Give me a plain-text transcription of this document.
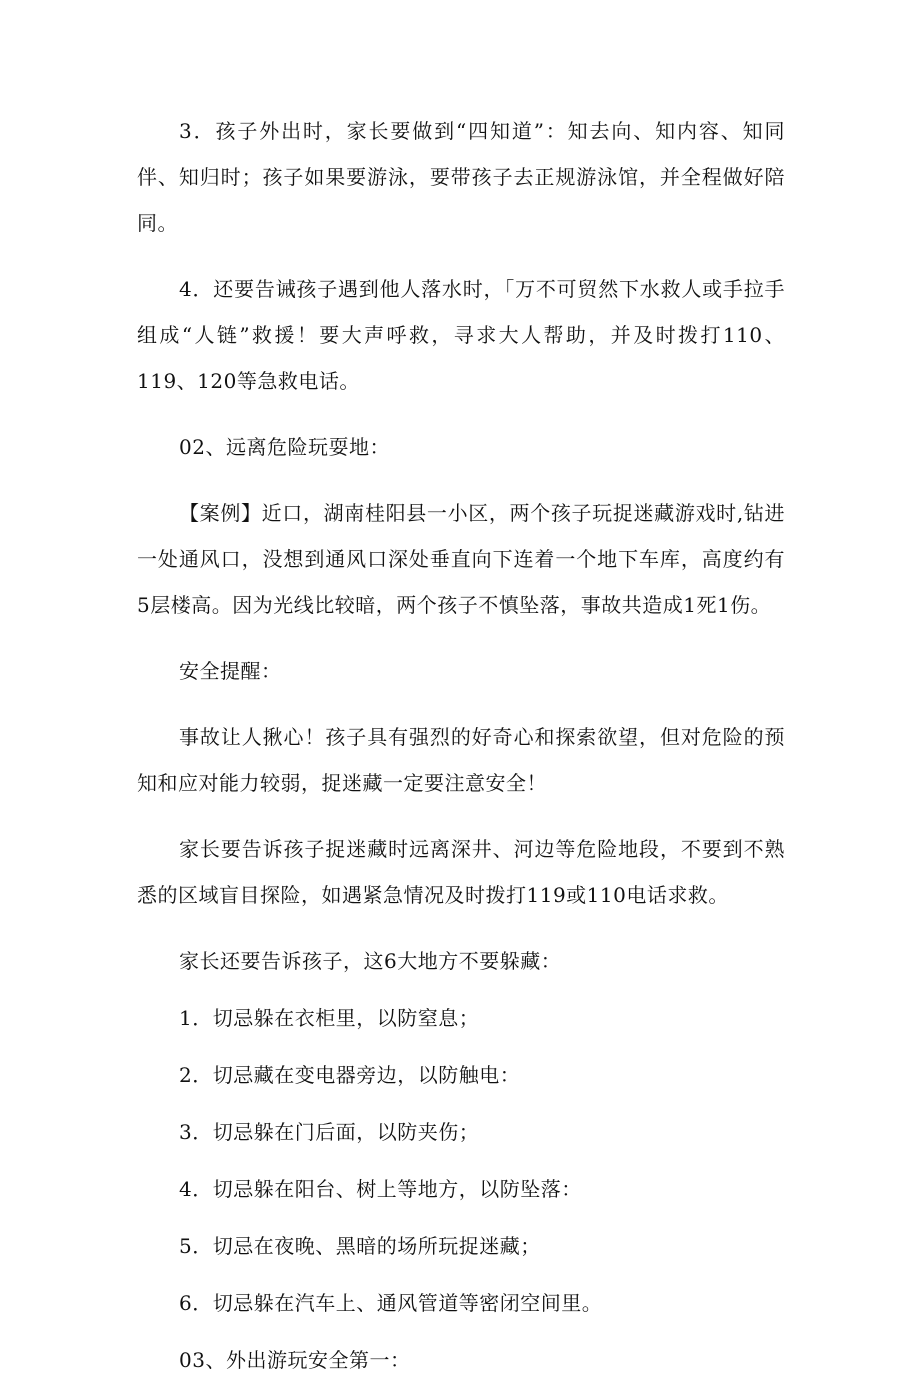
3．孩子外出时，家长要做到“四知道”：知去向、知内容、知同伴、知归时；孩子如果要游泳，要带孩子去正规游泳馆，并全程做好陪同。

4．还要告诫孩子遇到他人落水时，「万不可贸然下水救人或手拉手组成“人链”救援！要大声呼救，寻求大人帮助，并及时拨打110、119、120等急救电话。

02、远离危险玩耍地：

【案例】近口，湖南桂阳县一小区，两个孩子玩捉迷藏游戏时,钻进一处通风口，没想到通风口深处垂直向下连着一个地下车库，高度约有5层楼高。因为光线比较暗，两个孩子不慎坠落，事故共造成1死1伤。

安全提醒：

事故让人揪心！孩子具有强烈的好奇心和探索欲望，但对危险的预知和应对能力较弱，捉迷藏一定要注意安全！

家长要告诉孩子捉迷藏时远离深井、河边等危险地段，不要到不熟悉的区域盲目探险，如遇紧急情况及时拨打119或110电话求救。

家长还要告诉孩子，这6大地方不要躲藏：

1．切忌躲在衣柜里，以防窒息；

2．切忌藏在变电器旁边，以防触电：

3．切忌躲在门后面，以防夹伤；

4．切忌躲在阳台、树上等地方，以防坠落：

5．切忌在夜晚、黑暗的场所玩捉迷藏；

6．切忌躲在汽车上、通风管道等密闭空间里。

03、外出游玩安全第一：
